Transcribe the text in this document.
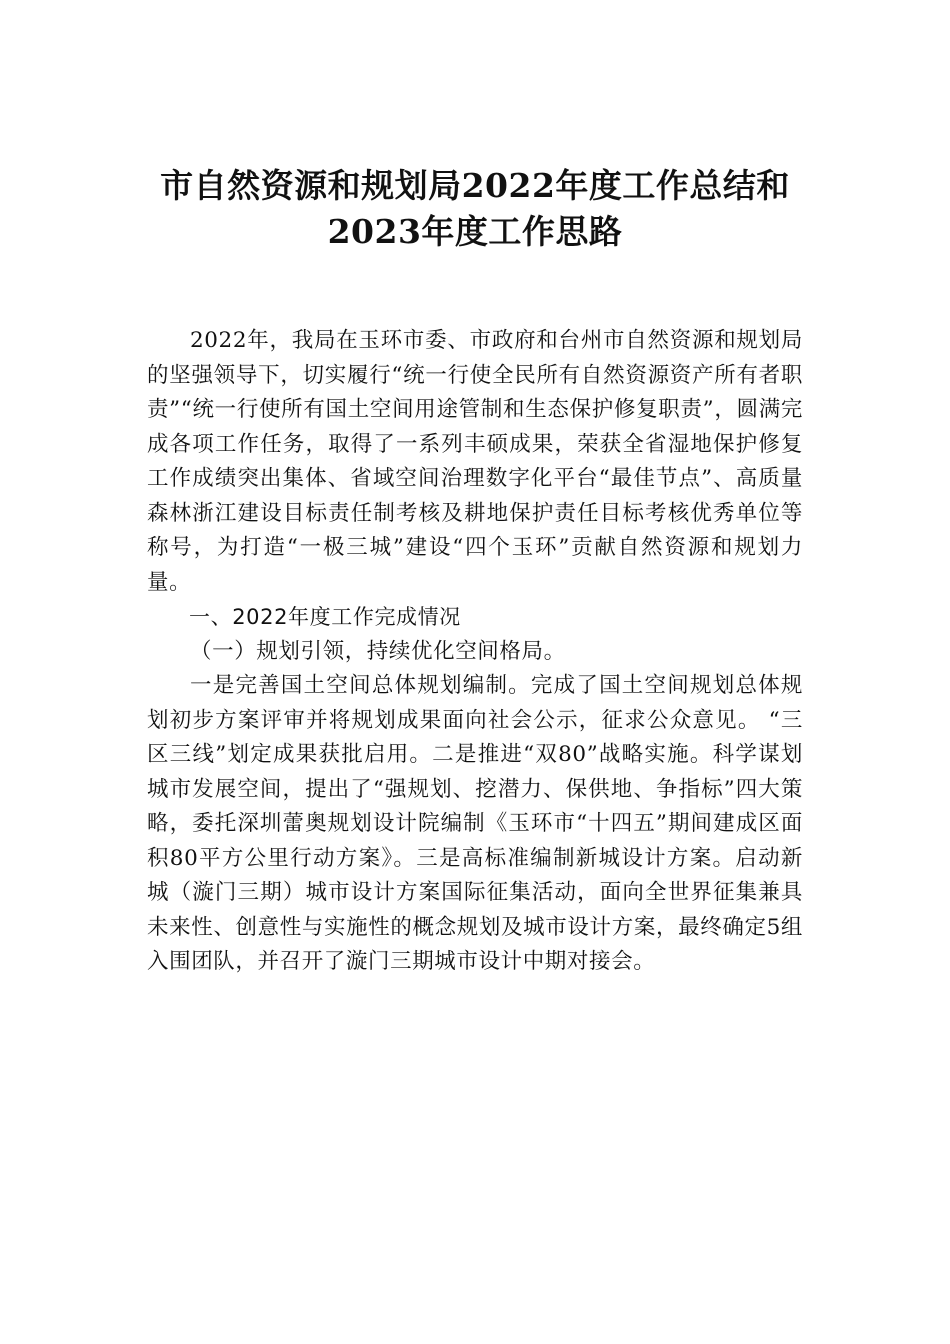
市自然资源和规划局2022年度工作总结和
2023年度工作思路

2022年，我局在玉环市委、市政府和台州市自然资源和规划局的坚强领导下，切实履行“统一行使全民所有自然资源资产所有者职责”“统一行使所有国土空间用途管制和生态保护修复职责”，圆满完成各项工作任务，取得了一系列丰硕成果，荣获全省湿地保护修复工作成绩突出集体、省域空间治理数字化平台“最佳节点”、高质量森林浙江建设目标责任制考核及耕地保护责任目标考核优秀单位等称号，为打造“一极三城”建设“四个玉环”贡献自然资源和规划力量。

一、2022年度工作完成情况

（一）规划引领，持续优化空间格局。

一是完善国土空间总体规划编制。完成了国土空间规划总体规划初步方案评审并将规划成果面向社会公示，征求公众意见。 “三区三线”划定成果获批启用。二是推进“双80”战略实施。科学谋划城市发展空间，提出了“强规划、挖潜力、保供地、争指标”四大策略，委托深圳蕾奥规划设计院编制《玉环市“十四五”期间建成区面积80平方公里行动方案》。三是高标准编制新城设计方案。启动新城（漩门三期）城市设计方案国际征集活动，面向全世界征集兼具未来性、创意性与实施性的概念规划及城市设计方案，最终确定5组入围团队，并召开了漩门三期城市设计中期对接会。
